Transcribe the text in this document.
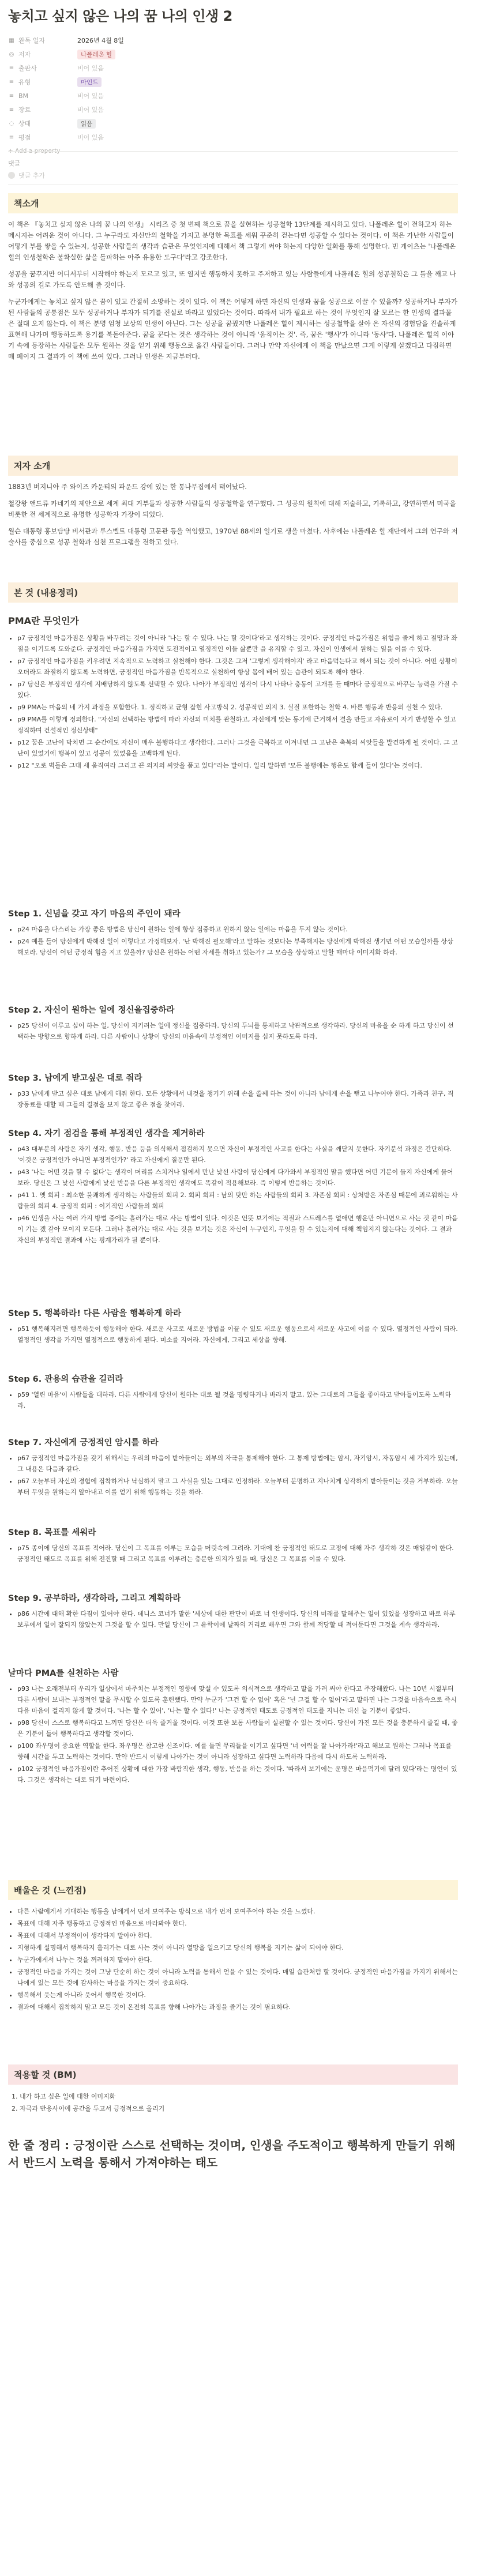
놓치고 싶지 않은 나의 꿈 나의 인생 2
▦ 완독 일자	2026년 4월 8일
◎ 저자	나폴레온 힐
≡ 출판사	비어 있음
≡ 유형	마인드
≡ BM	비어 있음
≡ 장르	비어 있음
◌ 상태	읽음
≡ 평점	비어 있음
+ Add a property
댓글
댓글 추가
책소개

이 책은 『놓치고 싶지 않은 나의 꿈 나의 인생』 시리즈 중 첫 번째 책으로 꿈을 실현하는 성공철학 13단계를 제시하고 있다. 나폴레온 힐이 전하고자 하는 메시지는 어려운 것이 아니다. 그 누구라도 자신만의 철학을 가지고 분명한 목표를 세워 꾸준히 걷는다면 성공할 수 있다는 것이다. 이 책은 가난한 사람들이 어떻게 부를 쌓을 수 있는지, 성공한 사람들의 생각과 습관은 무엇인지에 대해서 책 그렇게 써야 하는지 다양한 일화를 통해 설명한다. 빈 게이츠는 '나폴레온 힐의 인생철학은 불확실한 삶을 돌파하는 아주 유용한 도구다'라고 강조한다.

성공을 꿈꾸지만 어디서부터 시작해야 하는지 모르고 있고, 또 열지만 행동하지 못하고 주저하고 있는 사람들에게 나폴레온 힐의 성공철학은 그 틀을 깨고 나와 성공의 길로 가도록 안도해 줄 것이다.

누군가에게는 놓치고 싶지 않은 꿈이 있고 간절히 소망하는 것이 있다. 이 책은 어떻게 하면 자신의 인생과 꿈을 성공으로 이끌 수 있을까? 성공하거나 부자가 된 사람들의 공통점은 모두 성공하거나 부자가 되기를 진실로 바라고 있었다는 것이다. 따라서 내가 필요로 하는 것이 무엇인지 잘 모르는 한 인생의 결과물은 절대 오지 않는다. 이 책은 분명 엄청 보상의 인생이 아닌다. 그는 성공을 꿈꿨지만 나폴레온 힐이 제시하는 성공철학을 살아 온 자신의 경험담을 진솔하게 표현해 나가며 행동하도록 용기를 북돋아준다. 꿈을 꾼다는 것은 생각하는 것이 아니라 '움직이는 것'. 즉, 꿈은 '행사'가 아니라 '동사'다. 나폴레온 힐의 이야기 속에 등장하는 사람들은 모두 원하는 것을 얻기 위해 행동으로 옮긴 사람들이다. 그러나 만약 자신에게 이 책을 만났으면 그게 이렇게 살겠다고 다짐하면 매 페이지 그 결과가 이 책에 쓰여 있다. 그러나 인생은 지금부터다.

저자 소개

1883년 버지니아 주 와이즈 카운티의 파운드 강에 있는 한 통나무집에서 태어났다.

철강왕 앤드류 카네기의 제안으로 세계 최대 거부들과 성공한 사람들의 성공철학을 연구했다. 그 성공의 원칙에 대해 저술하고, 기록하고, 강연하면서 미국을 비롯한 전 세계적으로 유명한 성공학자 가장이 되었다.

월슨 대통령 홍보담당 비서관과 루스벨트 대통령 고문관 등을 역임했고, 1970년 88세의 일기로 생을 마쳤다. 사후에는 나폴레온 힐 재단에서 그의 연구와 저술사를 중심으로 성공 철학과 실천 프로그램을 전하고 있다.

본 것 (내용정리)
PMA란 무엇인가
• p7 긍정적인 마음가짐은 상황을 바꾸려는 것이 아니라 '나는 할 수 있다. 나는 할 것이다'라고 생각하는 것이다. 긍정적인 마음가짐은 위험을 줄게 하고 절망과 좌절을 이기도록 도와준다. 긍정적인 마음가짐을 가지면 도전적이고 열정적인 이들 삶뿐만 을 유지할 수 있고, 자신이 인생에서 원하는 일을 이룰 수 있다.
• p7 긍정적인 마음가짐을 키우려면 지속적으로 노력하고 실천해야 한다. 그것은 그저 '그렇게 생각해야지' 라고 마음먹는다고 해서 되는 것이 아니다. 어떤 상황이 오더라도 좌절하지 않도록 노력하면, 긍정적인 마음가짐을 반복적으로 실천하여 항상 몸에 배어 있는 습관이 되도록 해야 한다.
• p7 당신은 부정적인 생각에 지배당하지 않도록 선택할 수 있다. 나아가 부정적인 생각이 다시 나타나 충동이 고개를 들 때마다 긍정적으로 바꾸는 능력을 가질 수 있다.
• p9 PMA는 마음의 네 가지 과정을 포함한다. 1. 정직하고 균형 잡힌 사고방식 2. 성공적인 의지 3. 실질 또한하는 철학 4. 바른 행동과 반응의 실천 수 있다.
• p9 PMA를 이렇게 정의한다. "자신의 선택하는 방법에 따라 자신의 미치를 관철하고, 자신에게 맞는 동기에 근거해서 결을 만들고 자유로이 자기 반성할 수 있고 정직하며 건설적인 정신상태"
• p12 꿈은 고난이 닥치면 그 순간에도 자신이 매우 불행하다고 생각한다. 그러나 그것을 극복하고 이겨내면 그 고난은 축복의 씨앗들을 발견하게 될 것이다. 그 고난이 있었기에 행복이 있고 성공이 있었음을 고백하게 된다.
• p12 "오로 벽돌은 그대 세 움직여라 그리고 끈 의지의 씨앗을 품고 있다"라는 말이다. 일리 말하면 '모든 불행에는 행운도 함께 들어 있다'는 것이다.
Step 1. 신념을 갖고 자기 마음의 주인이 돼라
• p24 마음을 다스리는 가장 좋은 방법은 당신이 원하는 일에 항상 집중하고 원하지 않는 일에는 마음을 두지 않는 것이다.
• p24 예를 들어 당신에게 박해진 일이 이렇다고 가정해보자. '난 박해진 필요해'라고 말하는 것보다는 부족해지는 당신에게 박해진 생기면 어떤 모습일까를 상상해보라. 당신이 어떤 긍정적 힘을 지고 있을까? 당신은 원하는 어떤 자세를 취하고 있는가? 그 모습을 상상하고 말할 때마다 이미지화 하라.
Step 2. 자신이 원하는 일에 정신을집중하라
• p25 당신이 이루고 싶어 하는 일, 당신이 지키려는 일에 정신을 집중하라. 당신의 두뇌를 통제하고 낙관적으로 생각하라. 당신의 마음을 순 하게 하고 당신이 선택하는 방향으로 향하게 하라. 다른 사람이나 상황이 당신의 마음속에 부정적인 이미지를 심지 못하도록 하라.
Step 3. 남에게 받고싶은 대로 줘라
• p33 남에게 받고 싶은 대로 남에게 해줘 한다. 모든 상황에서 내것을 챙기기 위해 손을 쓸쩨 하는 것이 아니라 남에게 손을 뻗고 나누어야 한다. 가족과 친구, 직장동료를 대할 때 그들의 결점을 보지 않고 좋은 점을 찾아라.
Step 4. 자기 점검을 통해 부정적인 생각을 제거하라
• p43 대부분의 사람은 자기 생각, 행동, 반응 등을 의식해서 점검하지 못으면 자신이 부정적인 사고를 한다는 사실을 깨닫지 못한다. 자기분석 과정은 간단하다. '이것은 긍정적인가 아니면 부정적인가?' 라고 자신에게 질문만 된다.
• p43 '나는 어떤 것을 할 수 없다'는 생각이 머리를 스치거나 일에서 만난 낯선 사람이 당신에게 다가와서 부정적인 말을 했다면 어떤 기분이 들지 자신에게 물어보라. 당신은 그 낯선 사람에게 낯선 반응을 다른 부정적인 생각에도 똑같이 적용해보라. 즉 이렇게 반응하는 것이다.
• p41 1. 옛 회피 : 최소한 불쾌하게 생각하는 사람들의 회피 2. 회피 회피 : 남의 탓만 하는 사람들의 회피 3. 자존심 회피 : 상처받은 자존심 때문에 괴로워하는 사람들의 회피 4. 긍정적 회피 : 이기적인 사람들의 회피
• p46 인생을 사는 여러 가지 방법 중에는 흘러가는 대로 사는 방법이 있다. 이것은 언뜻 보기에는 적절과 스트레스를 없애면 행운만 아니면으로 사는 것 같이 마음이 기는 겠 같아 모이지 모든다. 그러나 흘러가는 대로 사는 것을 보기는 것은 자신이 누구인지, 무엇을 할 수 있는지에 대해 책임지지 않는다는 것이다. 그 결과 자신의 부정적인 결과에 사는 핑계가리가 될 뿐이다.
Step 5. 행복하라! 다른 사람을 행복하게 하라
• p51 행복해지려면 행복하듯이 행동해야 한다. 새로운 사고로 새로운 방법을 이끌 수 있도 새로운 행동으로서 새로운 사고에 이를 수 있다. 열정적인 사람이 되라. 열정적인 생각을 가지면 열정적으로 행동하게 된다. 미소를 지어라. 자신에게, 그리고 세상을 향해.
Step 6. 관용의 습관을 길러라
• p59 '열린 마음'이 사람들을 대하라. 다른 사람에게 당신이 원하는 대로 될 것을 명령하거나 바라지 말고, 있는 그대로의 그들을 좋아하고 받아들이도록 노력하라.
Step 7. 자신에게 긍정적인 암시를 하라
• p67 긍정적인 마음가짐을 갖기 위해서는 우리의 마음이 받아들이는 외부의 자극을 통제해야 한다. 그 통제 방법에는 암시, 자기암시, 자동암시 세 가지가 있는데, 그 내용은 다음과 같다.
• p67 오늘부터 자신의 경험에 집착하거나 낙심하지 말고 그 사실을 있는 그대로 인정하라. 오늘부터 분명하고 지나치게 상각하게 받아들이는 것을 거부하라. 오늘부터 무엇을 원하는지 알아내고 이를 얻기 위해 행동하는 것을 하라.
Step 8. 목표를 세워라
• p75 종이에 당신의 목표를 적어라. 당신이 그 목표를 이루는 모습을 머릿속에 그려라. 기대에 찬 긍정적인 태도로 고정에 대해 자주 생각하 것은 매일같이 한다. 긍정적인 태도로 목표를 위해 전진할 때 그리고 목표를 이루려는 충분한 의지가 있을 때, 당신은 그 목표를 이룰 수 있다.
Step 9. 공부하라, 생각하라, 그리고 계획하라
• p86 시간에 대해 확한 다짐이 있어야 한다. 데니스 코너가 말한 '세상에 대한 판단이 바로 너 인생이다. 당신의 미래를 말해주는 일이 있었을 성장하고 바로 하루 보루에서 일이 잘되지 않았는지 그것을 할 수 있다. 만일 당신이 그 유학이에 날짜의 거리로 배우면 그와 함께 적당할 때 적어둔다면 그것을 계속 생각하라.
날마다 PMA를 실천하는 사람
• p93 나는 오래전부터 우리가 일상에서 마주치는 부정적인 영향에 맞설 수 있도록 의식적으로 생각하고 말을 가려 써야 한다고 주장해왔다. 나는 10년 시절부터 다른 사람이 보내는 부정적인 말을 무시할 수 있도록 훈련했다. 만약 누군가 '그건 할 수 없어' 혹은 '넌 그걸 할 수 없어'라고 말하면 나는 그것을 마음속으로 즉시 다음 마음이 걸리지 않게 할 것이다. '나는 할 수 있어', '나는 할 수 있다!' 나는 긍정적인 태도로 긍정적인 태도를 지니는 대신 늘 기분이 좋았다.
• p98 당신이 스스로 행복하다고 느끼면 당신은 더욱 즐거울 것이다. 이것 또한 보통 사람들이 실천할 수 있는 것이다. 당신이 가진 모든 것을 충분하게 즐길 때, 좋은 기분이 들어 행복하다고 생각할 것이다.
• p100 좌우명이 중요한 역할을 한다. 좌우명은 참고한 신조이다. 예를 들면 무리들을 이기고 싶다면 '너 여력을 잘 나아가라!'라고 해보고 원하는 그러나 목표를 향해 시간을 두고 노력하는 것이다. 만약 반드시 이렇게 나아가는 것이 아니라 성장하고 싶다면 노력하라 다음에 다시 하도록 노력하라.
• p102 긍정적인 마음가짐이란 추어진 상황에 대한 가장 바람직한 생각, 행동, 반응을 하는 것이다. '따라서 보기에는 운명은 마음먹기에 달려 있다'라는 명언이 있다. 그것은 생각하는 대로 되기 마련이다.
배울은 것 (느낀점)
• 다른 사람에게서 기대하는 행동을 남에게서 먼저 보여주는 방식으로 내가 먼저 보여주어야 하는 것을 느꼈다.
• 목표에 대해 자주 행동하고 긍정적인 마음으로 바라봐야 한다.
• 목표에 대해서 부정적이어 생각하지 말아야 한다.
• 지형하게 설명해서 행복하지 흘러가는 대로 사는 것이 아니라 열망을 일으키고 당신의 행복을 지키는 삶이 되어야 한다.
• 누군가에게서 나누는 것을 꺼려하지 말아야 한다.
• 긍정적인 마음을 가지는 것이 그냥 단순히 하는 것이 아니라 노력을 통해서 얻을 수 있는 것이다. 매일 습관처럼 할 것이다. 긍정적인 마음가짐을 가지기 위해서는 나에게 있는 모든 것에 감사하는 마음을 가지는 것이 중요하다.
• 행복해서 웃는게 아니라 웃어서 행복한 것이다.
• 결과에 대해서 집착하지 말고 모든 것이 온전히 목표를 향해 나아가는 과정을 즐기는 것이 필요하다.
적용할 것 (BM)
1. 내가 하고 싶은 일에 대한 이미지화
2. 자극과 반응사이에 공간을 두고서 긍정적으로 올리기
한 줄 정리 : 긍정이란 스스로 선택하는 것이며, 인생을 주도적이고 행복하게 만들기 위해서 반드시 노력을 통해서 가져야하는 태도
